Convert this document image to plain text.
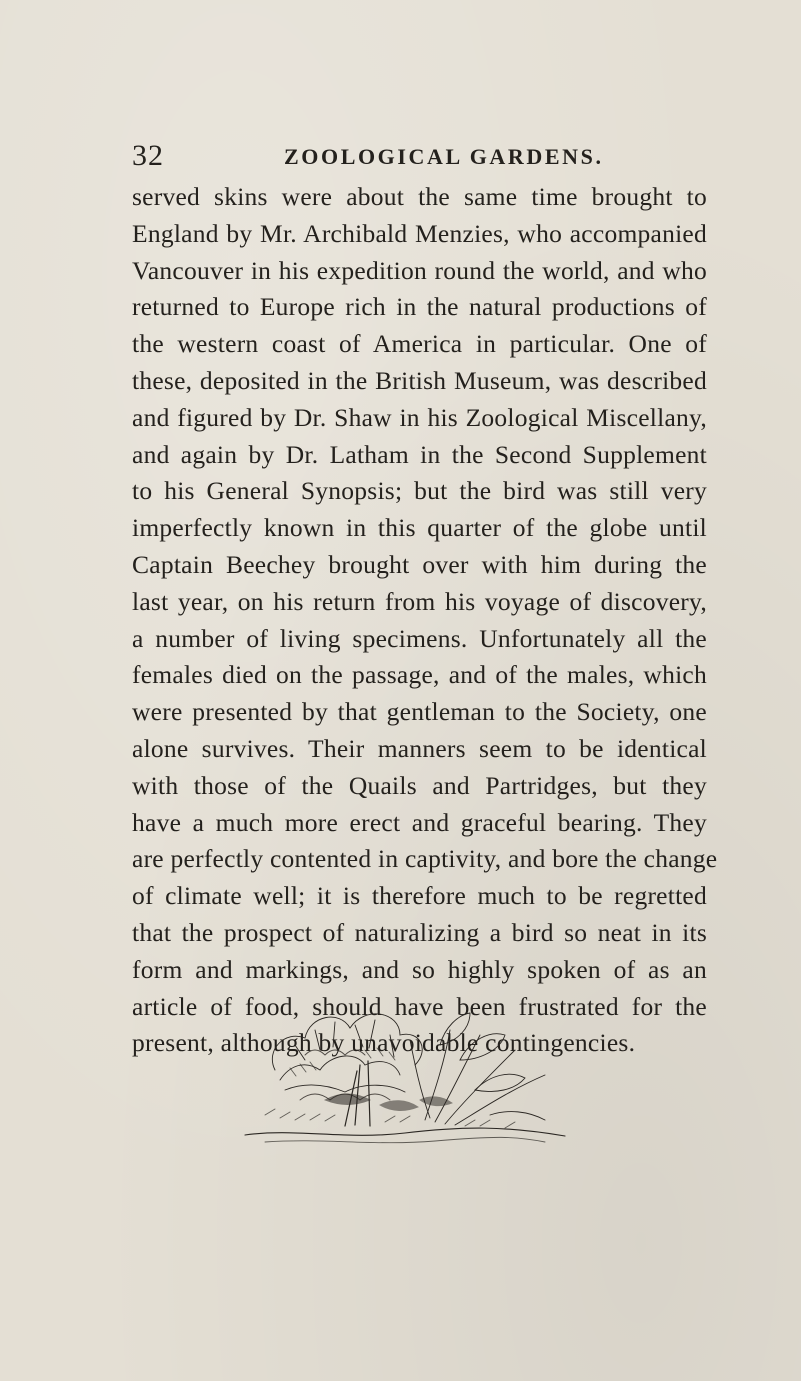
32	ZOOLOGICAL GARDENS.
served skins were about the same time brought to
England by Mr. Archibald Menzies, who accompanied
Vancouver in his expedition round the world, and who
returned to Europe rich in the natural productions of
the western coast of America in particular. One of
these, deposited in the British Museum, was described
and figured by Dr. Shaw in his Zoological Miscellany,
and again by Dr. Latham in the Second Supplement
to his General Synopsis; but the bird was still very
imperfectly known in this quarter of the globe until
Captain Beechey brought over with him during the
last year, on his return from his voyage of discovery,
a number of living specimens. Unfortunately all the
females died on the passage, and of the males, which
were presented by that gentleman to the Society, one
alone survives. Their manners seem to be identical
with those of the Quails and Partridges, but they
have a much more erect and graceful bearing. They
are perfectly contented in captivity, and bore the change
of climate well; it is therefore much to be regretted
that the prospect of naturalizing a bird so neat in its
form and markings, and so highly spoken of as an
article of food, should have been frustrated for the
present, although by unavoidable contingencies.
